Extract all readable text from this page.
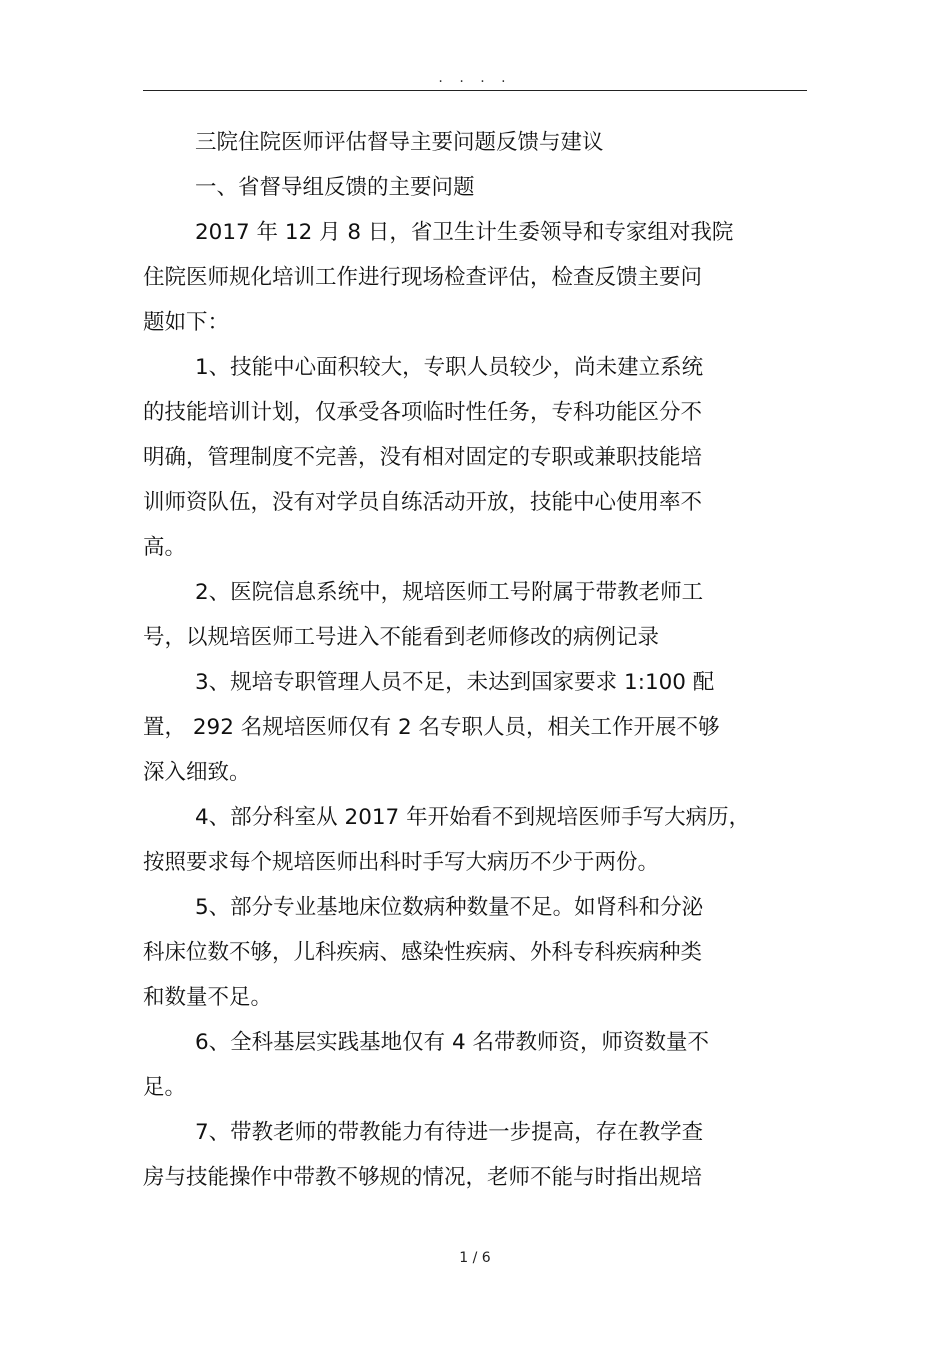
. . . .
三院住院医师评估督导主要问题反馈与建议
一、省督导组反馈的主要问题
2017 年 12 月 8 日，省卫生计生委领导和专家组对我院
住院医师规化培训工作进行现场检查评估，检查反馈主要问
题如下：
1、技能中心面积较大，专职人员较少，尚未建立系统
的技能培训计划，仅承受各项临时性任务，专科功能区分不
明确，管理制度不完善，没有相对固定的专职或兼职技能培
训师资队伍，没有对学员自练活动开放，技能中心使用率不
高。
2、医院信息系统中，规培医师工号附属于带教老师工
号，以规培医师工号进入不能看到老师修改的病例记录
3、规培专职管理人员不足，未达到国家要求 1:100 配
置， 292 名规培医师仅有 2 名专职人员，相关工作开展不够
深入细致。
4、部分科室从 2017 年开始看不到规培医师手写大病历，
按照要求每个规培医师出科时手写大病历不少于两份。
5、部分专业基地床位数病种数量不足。如肾科和分泌
科床位数不够，儿科疾病、感染性疾病、外科专科疾病种类
和数量不足。
6、全科基层实践基地仅有 4 名带教师资，师资数量不
足。
7、带教老师的带教能力有待进一步提高，存在教学查
房与技能操作中带教不够规的情况，老师不能与时指出规培
1 / 6
